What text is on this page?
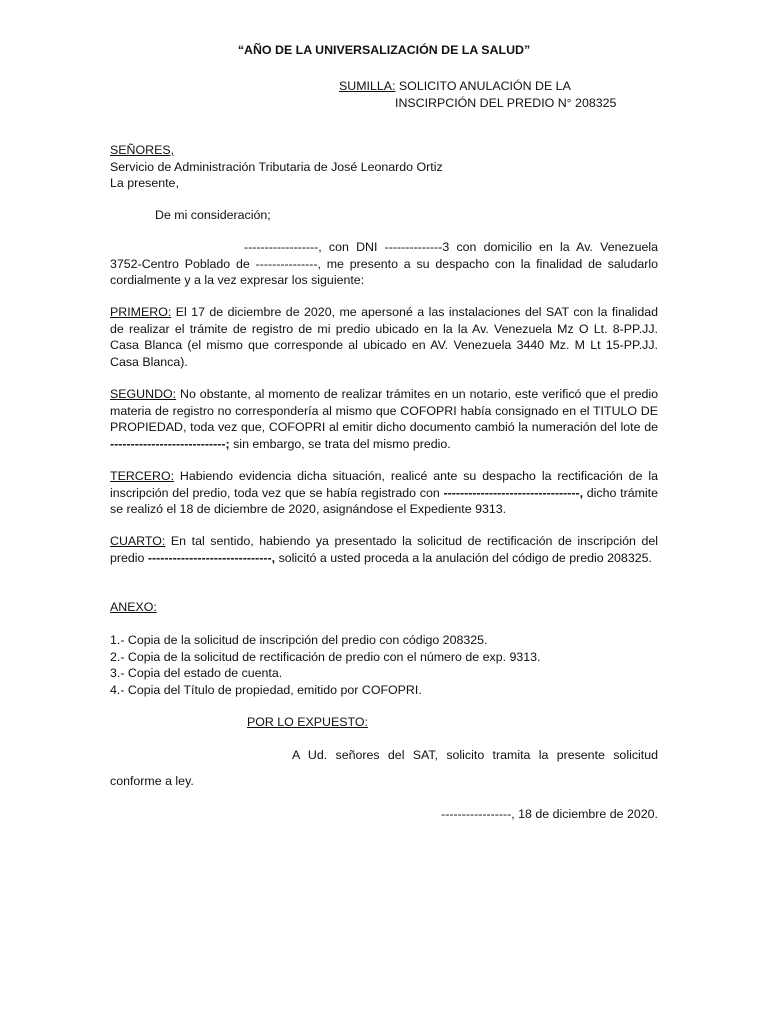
“AÑO DE LA UNIVERSALIZACIÓN DE LA SALUD”
SUMILLA: SOLICITO ANULACIÓN DE LA
INSCIRPCIÓN DEL PREDIO N° 208325
SEÑORES,
Servicio de Administración Tributaria de José Leonardo Ortiz
La presente,
De mi consideración;
------------------, con DNI --------------3 con domicilio en la Av. Venezuela
3752-Centro Poblado de ---------------, me presento a su despacho con la finalidad de saludarlo
cordialmente y a la vez expresar los siguiente:

PRIMERO: El 17 de diciembre de 2020, me apersoné a las instalaciones del SAT con la finalidad de realizar el trámite de registro de mi predio ubicado en la la Av. Venezuela Mz O Lt. 8-PP.JJ. Casa Blanca (el mismo que corresponde al ubicado en AV. Venezuela 3440 Mz. M Lt 15-PP.JJ. Casa Blanca).

SEGUNDO: No obstante, al momento de realizar trámites en un notario, este verificó que el predio materia de registro no correspondería al mismo que COFOPRI había consignado en el TITULO DE PROPIEDAD, toda vez que, COFOPRI al emitir dicho documento cambió la numeración del lote de ----------------------------; sin embargo, se trata del mismo predio.

TERCERO: Habiendo evidencia dicha situación, realicé ante su despacho la rectificación de la inscripción del predio, toda vez que se había registrado con ---------------------------------, dicho trámite se realizó el 18 de diciembre de 2020, asignándose el Expediente 9313.

CUARTO: En tal sentido, habiendo ya presentado la solicitud de rectificación de inscripción del predio ------------------------------, solicitó a usted proceda a la anulación del código de predio 208325.

ANEXO:
1.- Copia de la solicitud de inscripción del predio con código 208325.
2.- Copia de la solicitud de rectificación de predio con el número de exp. 9313.
3.- Copia del estado de cuenta.
4.- Copia del Título de propiedad, emitido por COFOPRI.
POR LO EXPUESTO:
A Ud. señores del SAT, solicito tramita la presente solicitud
conforme a ley.
-----------------, 18 de diciembre de 2020.
